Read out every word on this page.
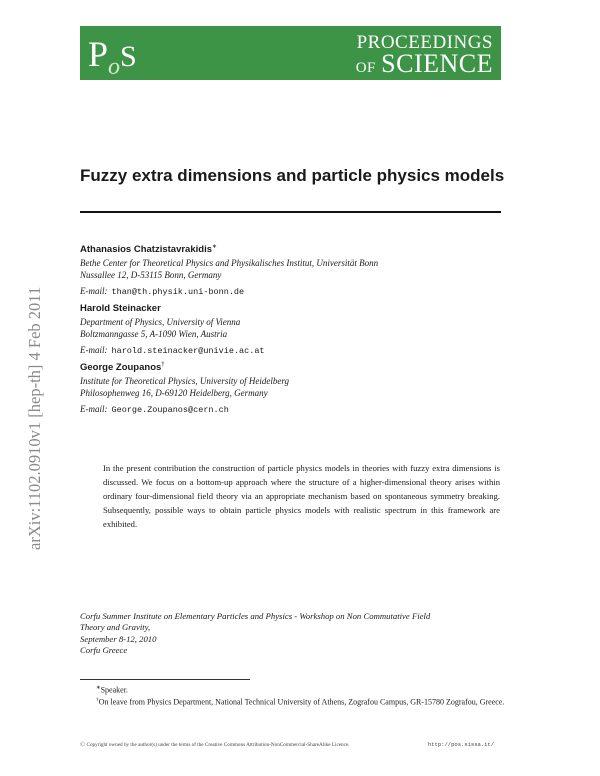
PROCEEDINGS
OF SCIENCE
P o S
arXiv:1102.0910v1 [hep-th] 4 Feb 2011
Fuzzy extra dimensions and particle physics models
Athanasios Chatzistavrakidis∗
Bethe Center for Theoretical Physics and Physikalisches Institut, Universität Bonn
Nussallee 12, D-53115 Bonn, Germany
E-mail: than@th.physik.uni-bonn.de
Harold Steinacker
Department of Physics, University of Vienna
Boltzmanngasse 5, A-1090 Wien, Austria
E-mail: harold.steinacker@univie.ac.at
George Zoupanos†
Institute for Theoretical Physics, University of Heidelberg
Philosophenweg 16, D-69120 Heidelberg, Germany
E-mail: George.Zoupanos@cern.ch
In the present contribution the construction of particle physics models in theories with fuzzy extra dimensions is discussed. We focus on a bottom-up approach where the structure of a higher-dimensional theory arises within ordinary four-dimensional field theory via an appropriate mechanism based on spontaneous symmetry breaking. Subsequently, possible ways to obtain particle physics models with realistic spectrum in this framework are exhibited.
Corfu Summer Institute on Elementary Particles and Physics - Workshop on Non Commutative Field
Theory and Gravity,
September 8-12, 2010
Corfu Greece
∗Speaker.
†On leave from Physics Department, National Technical University of Athens, Zografou Campus, GR-15780 Zografou, Greece.
Ⓒ Copyright owned by the author(s) under the terms of the Creative Commons Attribution-NonCommercial-ShareAlike Licence.	http://pos.sissa.it/
